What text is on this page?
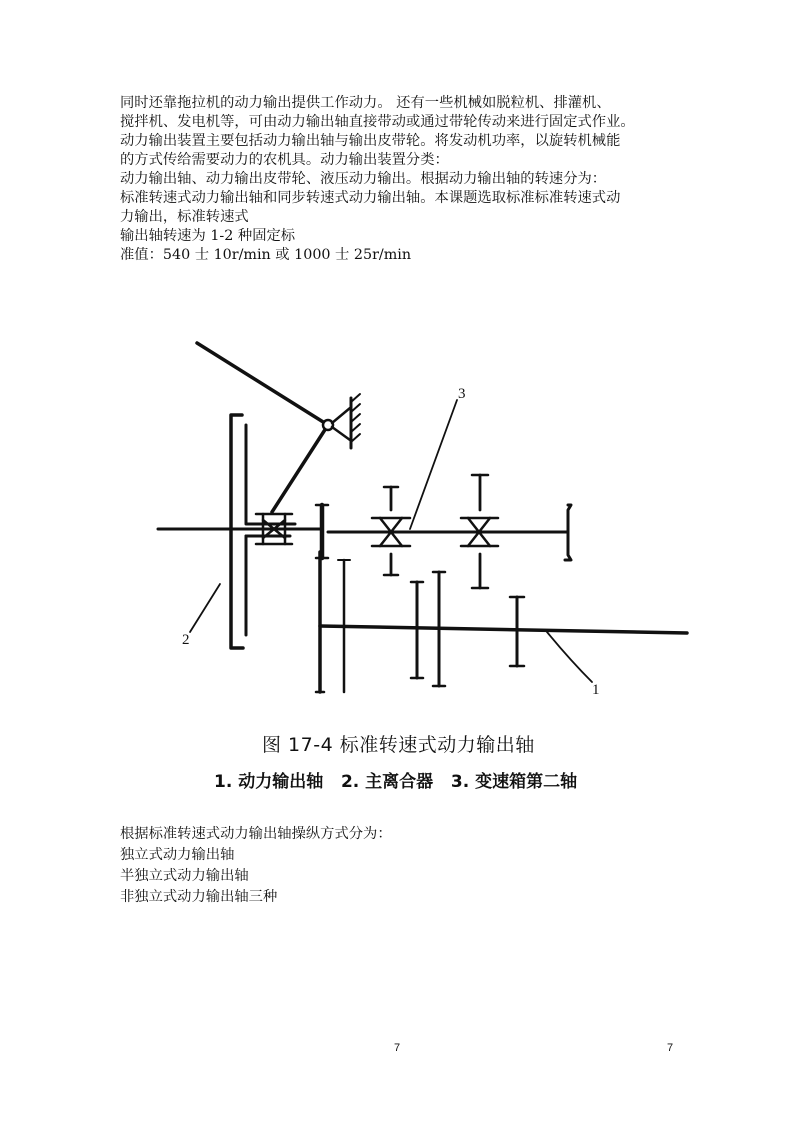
同时还靠拖拉机的动力输出提供工作动力。 还有一些机械如脱粒机、排灌机、
搅拌机、发电机等，可由动力输出轴直接带动或通过带轮传动来进行固定式作业。
动力输出装置主要包括动力输出轴与输出皮带轮。将发动机功率，以旋转机械能
的方式传给需要动力的农机具。动力输出装置分类：
动力输出轴、动力输出皮带轮、液压动力输出。根据动力输出轴的转速分为：
标准转速式动力输出轴和同步转速式动力输出轴。本课题选取标准标准转速式动
力输出，标准转速式
输出轴转速为 1-2 种固定标
准值：540 士 10r/min 或 1000 士 25r/min
3
2
1
图 17-4 标准转速式动力输出轴
1. 动力输出轴   2. 主离合器   3. 变速箱第二轴
根据标准转速式动力输出轴操纵方式分为：
独立式动力输出轴
半独立式动力输出轴
非独立式动力输出轴三种
7	7
